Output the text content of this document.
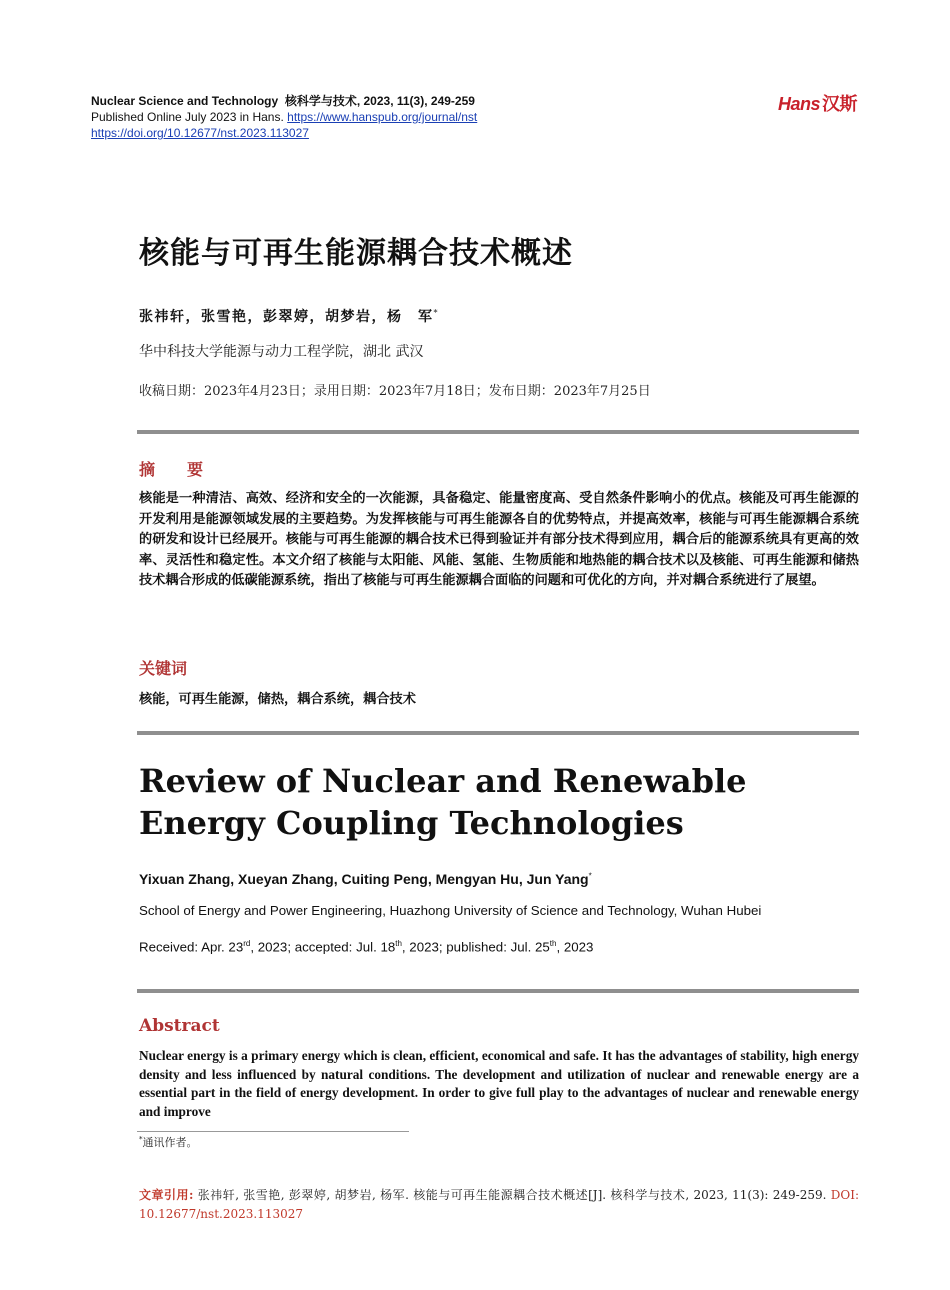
Nuclear Science and Technology 核科学与技术, 2023, 11(3), 249-259
Published Online July 2023 in Hans. https://www.hanspub.org/journal/nst
https://doi.org/10.12677/nst.2023.113027
Hans 汉斯
核能与可再生能源耦合技术概述
张祎轩，张雪艳，彭翠婷，胡梦岩，杨　军*
华中科技大学能源与动力工程学院，湖北 武汉
收稿日期：2023年4月23日；录用日期：2023年7月18日；发布日期：2023年7月25日
摘　要
核能是一种清洁、高效、经济和安全的一次能源，具备稳定、能量密度高、受自然条件影响小的优点。核能及可再生能源的开发利用是能源领域发展的主要趋势。为发挥核能与可再生能源各自的优势特点，并提高效率，核能与可再生能源耦合系统的研发和设计已经展开。核能与可再生能源的耦合技术已得到验证并有部分技术得到应用，耦合后的能源系统具有更高的效率、灵活性和稳定性。本文介绍了核能与太阳能、风能、氢能、生物质能和地热能的耦合技术以及核能、可再生能源和储热技术耦合形成的低碳能源系统，指出了核能与可再生能源耦合面临的问题和可优化的方向，并对耦合系统进行了展望。
关键词
核能，可再生能源，储热，耦合系统，耦合技术
Review of Nuclear and Renewable Energy Coupling Technologies
Yixuan Zhang, Xueyan Zhang, Cuiting Peng, Mengyan Hu, Jun Yang*
School of Energy and Power Engineering, Huazhong University of Science and Technology, Wuhan Hubei
Received: Apr. 23rd, 2023; accepted: Jul. 18th, 2023; published: Jul. 25th, 2023
Abstract
Nuclear energy is a primary energy which is clean, efficient, economical and safe. It has the advantages of stability, high energy density and less influenced by natural conditions. The development and utilization of nuclear and renewable energy are a essential part in the field of energy development. In order to give full play to the advantages of nuclear and renewable energy and improve
*通讯作者。
文章引用: 张祎轩, 张雪艳, 彭翠婷, 胡梦岩, 杨军. 核能与可再生能源耦合技术概述[J]. 核科学与技术, 2023, 11(3): 249-259. DOI: 10.12677/nst.2023.113027
